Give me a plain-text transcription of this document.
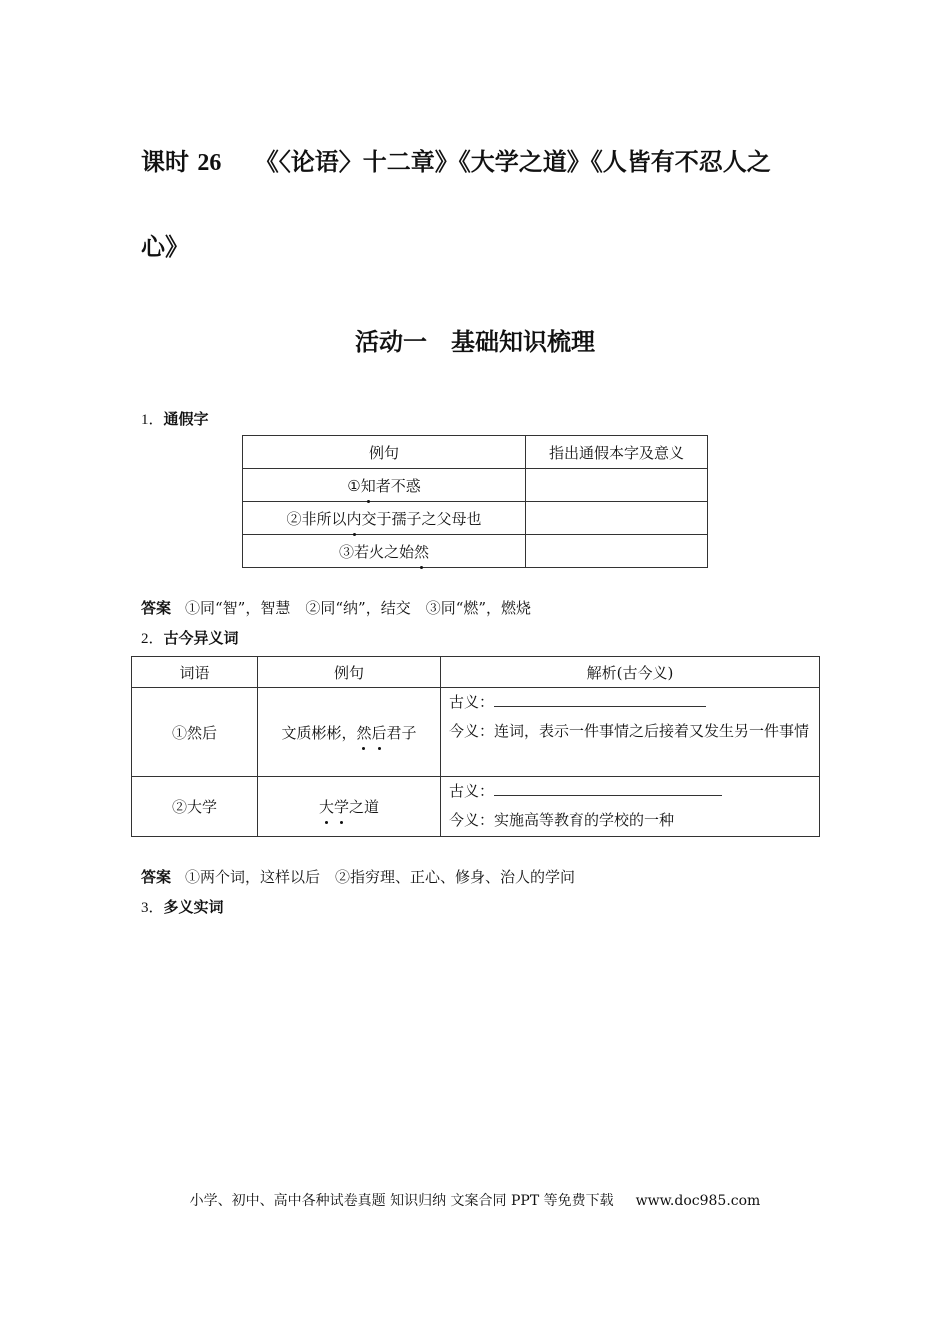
课时 26 《〈论语〉十二章》《大学之道》《人皆有不忍人之
心》
活动一　基础知识梳理
1．通假字
例句	指出通假本字及意义
①知者不惑	
②非所以内交于孺子之父母也	
③若火之始然	
答案 ①同“智”，智慧　②同“纳”，结交　③同“燃”，燃烧
2．古今异义词
词语	例句	解析(古今义)
①然后	文质彬彬，然后君子	古义：
今义：连词，表示一件事情之后接着又发生另一件事情

②大学	大学之道	古义：
今义：实施高等教育的学校的一种
答案 ①两个词，这样以后　②指穷理、正心、修身、治人的学问
3．多义实词
小学、初中、高中各种试卷真题 知识归纳 文案合同 PPT 等免费下载 www.doc985.com
